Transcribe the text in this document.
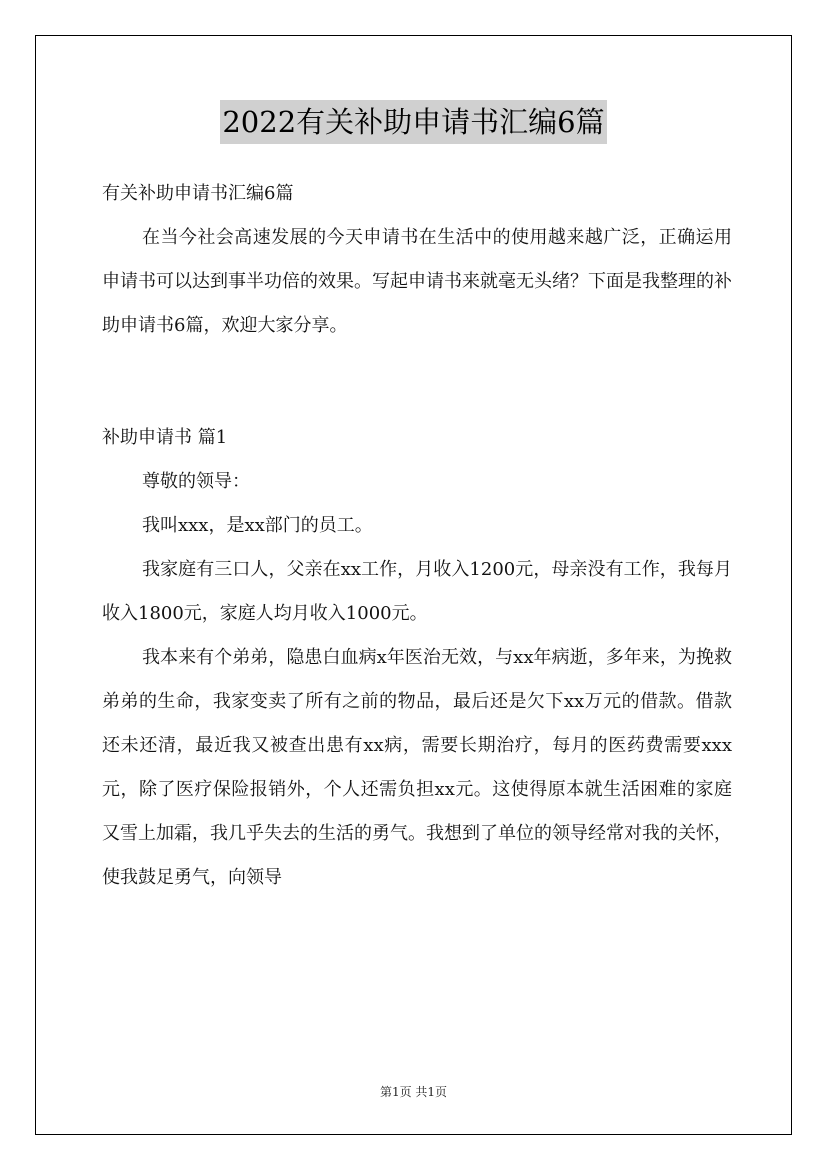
2022有关补助申请书汇编6篇

有关补助申请书汇编6篇

在当今社会高速发展的今天申请书在生活中的使用越来越广泛，正确运用申请书可以达到事半功倍的效果。写起申请书来就毫无头绪？下面是我整理的补助申请书6篇，欢迎大家分享。

补助申请书 篇1

尊敬的领导：

我叫xxx，是xx部门的员工。

我家庭有三口人，父亲在xx工作，月收入1200元，母亲没有工作，我每月收入1800元，家庭人均月收入1000元。

我本来有个弟弟，隐患白血病x年医治无效，与xx年病逝，多年来，为挽救弟弟的生命，我家变卖了所有之前的物品，最后还是欠下xx万元的借款。借款还未还清，最近我又被查出患有xx病，需要长期治疗，每月的医药费需要xxx元，除了医疗保险报销外，个人还需负担xx元。这使得原本就生活困难的家庭又雪上加霜，我几乎失去的生活的勇气。我想到了单位的领导经常对我的关怀，使我鼓足勇气，向领导

第1页 共1页
